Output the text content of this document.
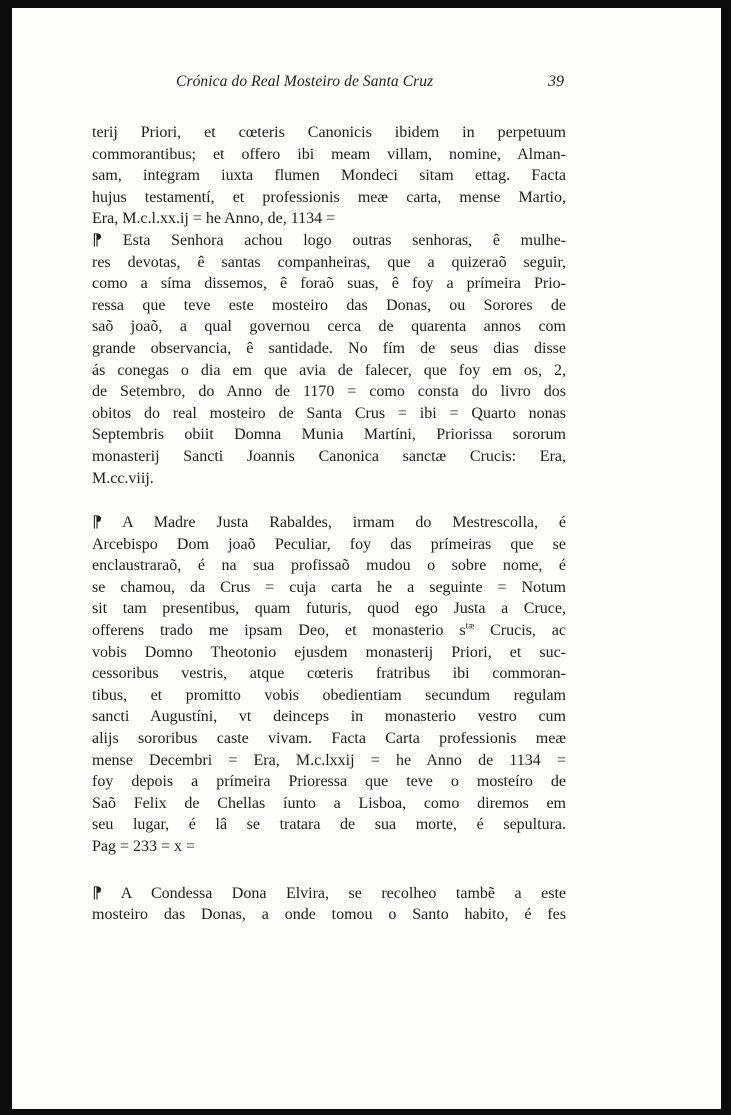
Crónica do Real Mosteiro de Santa Cruz	39
terij Priori, et cœteris Canonicis ibidem in perpetuum
commorantibus; et offero ibi meam villam, nomine, Alman-
sam, integram iuxta flumen Mondeci sitam ettag. Facta
hujus testamentí, et professionis meæ carta, mense Martio,
Era, M.c.l.xx.ij = he Anno, de, 1134 =
⁋ Esta Senhora achou logo outras senhoras, ê mulhe-
res devotas, ê santas companheiras, que a quizeraõ seguir,
como a síma dissemos, ê foraõ suas, ê foy a prímeira Prio-
ressa que teve este mosteiro das Donas, ou Sorores de
saõ joaõ, a qual governou cerca de quarenta annos com
grande observancia, ê santidade. No fím de seus dias disse
ás conegas o dia em que avia de falecer, que foy em os, 2,
de Setembro, do Anno de 1170 = como consta do livro dos
obitos do real mosteiro de Santa Crus = ibi = Quarto nonas
Septembris obiit Domna Munia Martíni, Priorissa sororum
monasterij Sancti Joannis Canonica sanctæ Crucis: Era,
M.cc.viij.
⁋ A Madre Justa Rabaldes, irmam do Mestrescolla, é
Arcebispo Dom joaõ Peculiar, foy das prímeiras que se
enclaustraraõ, é na sua profissaõ mudou o sobre nome, é
se chamou, da Crus = cuja carta he a seguinte = Notum
sit tam presentibus, quam futuris, quod ego Justa a Cruce,
offerens trado me ipsam Deo, et monasterio $s^{tæ}$ Crucis, ac
vobis Domno Theotonio ejusdem monasterij Priori, et suc-
cessoribus vestris, atque cœteris fratribus ibi commoran-
tibus, et promitto vobis obedientiam secundum regulam
sancti Augustíni, vt deinceps in monasterio vestro cum
alijs sororibus caste vivam. Facta Carta professionis meæ
mense Decembri = Era, M.c.lxxij = he Anno de 1134 =
foy depois a prímeira Prioressa que teve o mosteíro de
Saõ Felix de Chellas íunto a Lisboa, como diremos em
seu lugar, é lâ se tratara de sua morte, é sepultura.
Pag = 233 = x =
⁋ A Condessa Dona Elvira, se recolheo tambẽ a este
mosteiro das Donas, a onde tomou o Santo habito, é fes
